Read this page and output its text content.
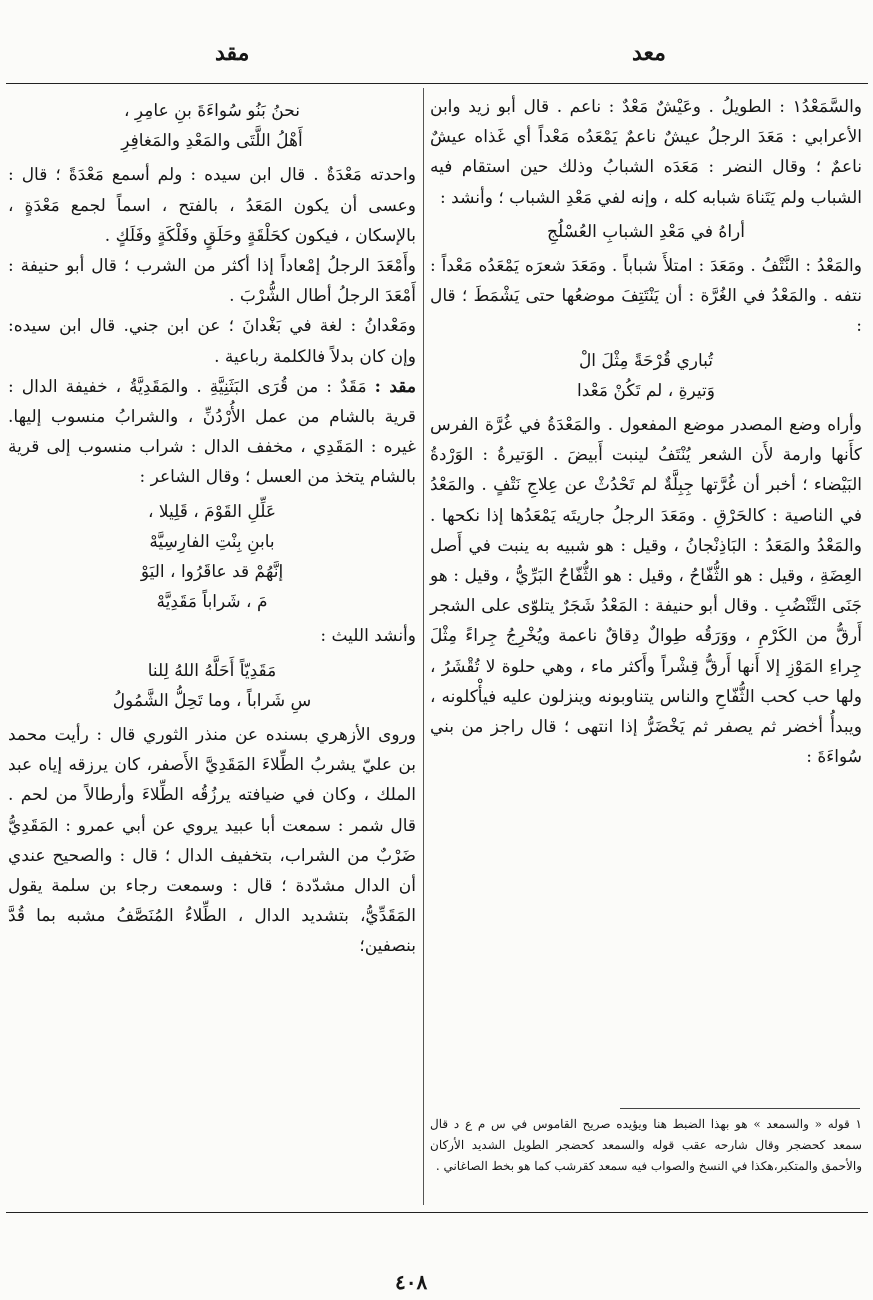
مقد	معد

والسَّمَعْدُ١ : الطويلُ . وعَيْشٌ مَعْدٌ : ناعم . قال أبو زيد وابن الأعرابي : مَعَدَ الرجلُ عيشٌ ناعمٌ يَمْعَدُه مَعْداً أي غَذاه عيشٌ ناعمٌ ؛ وقال النضر : مَعَدَه الشبابُ وذلك حين استقام فيه الشباب ولم يَتَناهَ شبابه كله ، وإنه لفي مَعْدِ الشباب ؛ وأنشد :

أراهُ في مَعْدِ الشبابِ العُسْلُجِ

والمَعْدُ : النَّتْفُ . ومَعَدَ : امتلأَ شباباً . ومَعَدَ شعرَه يَمْعَدُه مَعْداً : نتفه . والمَعْدُ في الغُرَّة : أن يَنْتَتِفَ موضعُها حتى يَشْمَطَ ؛ قال :

تُباري قُرْحَةً مِثْلَ الْ
وَتيرةِ ، لم تَكُنْ مَعْدا

وأراه وضع المصدر موضع المفعول . والمَعْدَةُ في غُرَّة الفرس كأَنها وارمة لأَن الشعر يُنْتَفُ لينبت أَبيضَ . الوَتيرةُ : الوَرْدةُ البَيْضاء ؛ أخبر أن غُرَّتها جِبِلَّةٌ لم تَحْدُثْ عن عِلاجِ نَتْفٍ . والمَعْدُ في الناصية : كالحَرْقِ . ومَعَدَ الرجلُ جاريتَه يَمْعَدُها إذا نكحها . والمَعْدُ والمَعَدُ : البَاذِنْجانُ ، وقيل : هو شبيه به ينبت في أَصل العِضَةِ ، وقيل : هو الثُّفّاحُ ، وقيل : هو الثُّفّاحُ البَرِّيُّ ، وقيل : هو جَنَى التَّنْضُبِ . وقال أبو حنيفة : المَعْدُ شَجَرٌ يتلوّى على الشجر أَرقُّ من الكَرْمِ ، ووَرَقُه طِوالٌ دِقاقٌ ناعمة ويُخْرِجُ جِراءً مِثْلَ جِراءِ المَوْزِ إلا أَنها أَرقُّ قِشْراً وأَكثر ماء ، وهي حلوة لا تُقْشَرُ ، ولها حب كحب الثُّفّاحِ والناس يتناوبونه وينزلون عليه فيأْكلونه ، ويبدأُ أخضر ثم يصفر ثم يَخْضَرُّ إذا انتهى ؛ قال راجز من بني سُواءَةَ :

نحنُ بَنُو سُواءَةَ بنِ عامِرِ ،
أَهْلُ اللَّتَى والمَعْدِ والمَغافِرِ

واحدته مَعْدَةٌ . قال ابن سيده : ولم أسمع مَعْدَةً ؛ قال : وعسى أن يكون المَعَدُ ، بالفتح ، اسماً لجمع مَعْدَةٍ ، بالإسكان ، فيكون كحَلْقَةٍ وحَلَقٍ وفَلْكَةٍ وفَلَكٍ .

وأَمْعَدَ الرجلُ إمْعاداً إذا أكثر من الشرب ؛ قال أبو حنيفة : أَمْعَدَ الرجلُ أطال الشُّرْبَ .

ومَعْدانُ : لغة في بَغْدانَ ؛ عن ابن جني. قال ابن سيده: وإن كان بدلاً فالكلمة رباعية .

مقد : مَقَدٌ : من قُرَى البَثَنِيَّةِ . والمَقَدِيَّةُ ، خفيفة الدال : قرية بالشام من عمل الأُرْدُنِّ ، والشرابُ منسوب إليها. غيره : المَقَدِي ، مخفف الدال : شراب منسوب إلى قرية بالشام يتخذ من العسل ؛ وقال الشاعر :

عَلِّلِ القَوْمَ ، قَلِيلا ،
بابنِ بِنْتِ الفارِسِيَّهْ
إنَّهُمْ قد عاقَرُوا ، اليَوْ
مَ ، شَراباً مَقَدِيَّهْ

وأنشد الليث :

مَقَدِيّاً أَحَلَّهُ اللهُ لِلنا
سِ شَراباً ، وما تَحِلُّ الشَّمُولُ

وروى الأزهري بسنده عن منذر الثوري قال : رأيت محمد بن عليّ يشربُ الطِّلاءَ المَقَدِيَّ الأَصفر، كان يرزقه إياه عبد الملك ، وكان في ضيافته يرزُقُه الطِّلاءَ وأرطالاً من لحم . قال شمر : سمعت أبا عبيد يروي عن أبي عمرو : المَقَدِيُّ ضَرْبٌ من الشراب، بتخفيف الدال ؛ قال : والصحيح عندي أن الدال مشدّدة ؛ قال : وسمعت رجاء بن سلمة يقول المَقَدِّيُّ، بتشديد الدال ، الطِّلاءُ المُنَصَّفُ مشبه بما قُدَّ بنصفين؛

١ قوله « والسمعد » هو بهذا الضبط هنا ويؤيده صريح القاموس في س م ع د قال سمعد كحضجر وقال شارحه عقب قوله والسمعد كحضجر الطويل الشديد الأركان والأحمق والمتكبر،هكذا في النسخ والصواب فيه سمعد كقرشب كما هو بخط الصاغاني .
٤٠٨
